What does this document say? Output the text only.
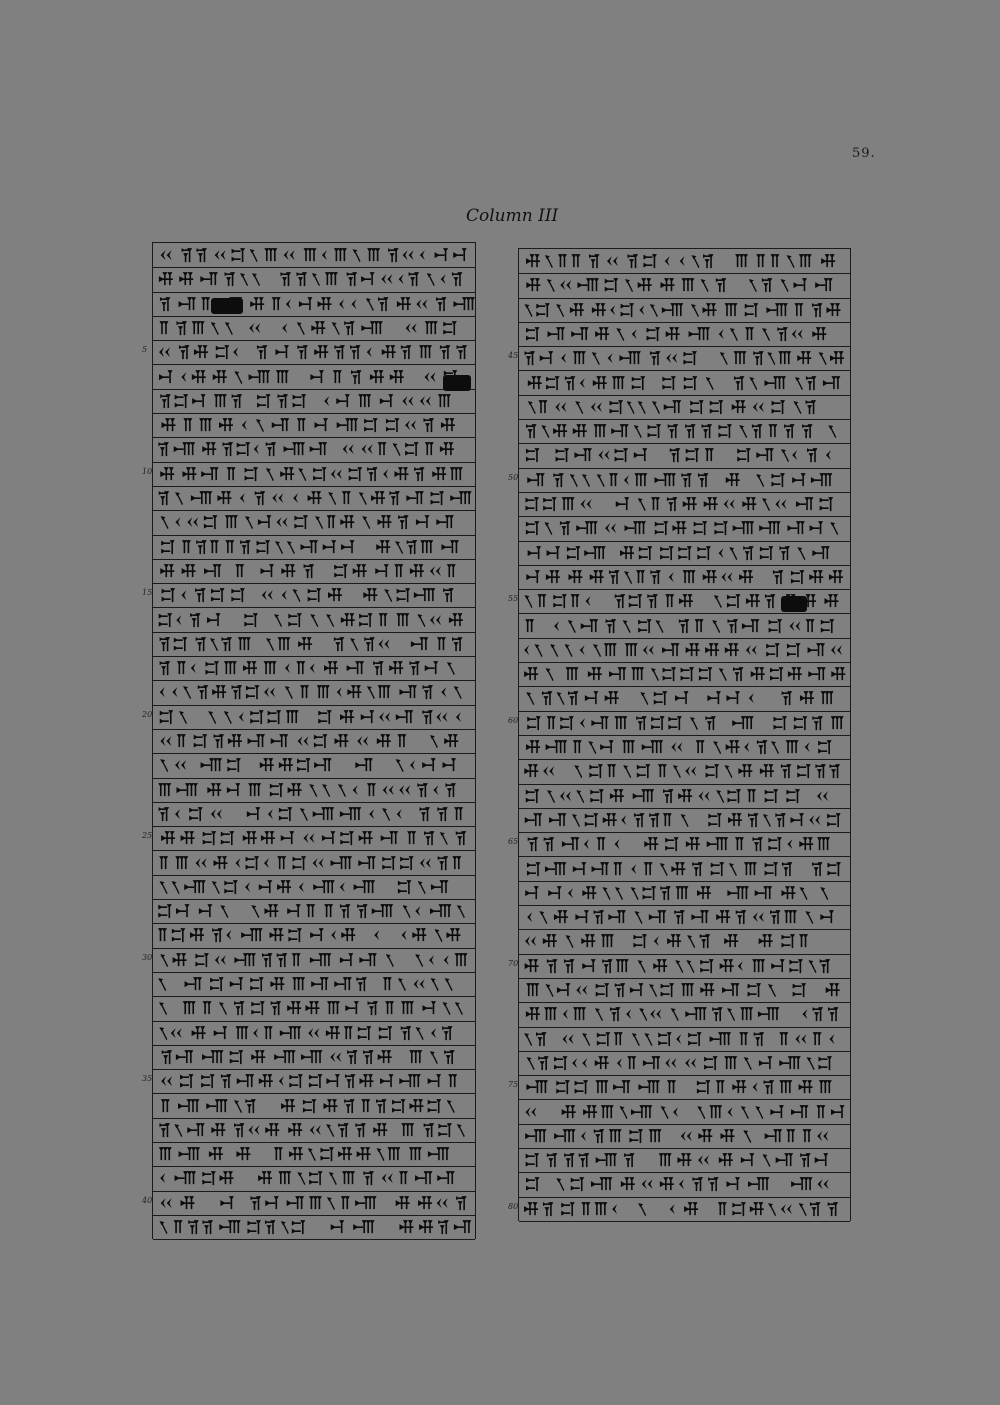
59.
Column III
5
10
15
20
25
30
35
40
45
50
55
60
65
70
75
80
